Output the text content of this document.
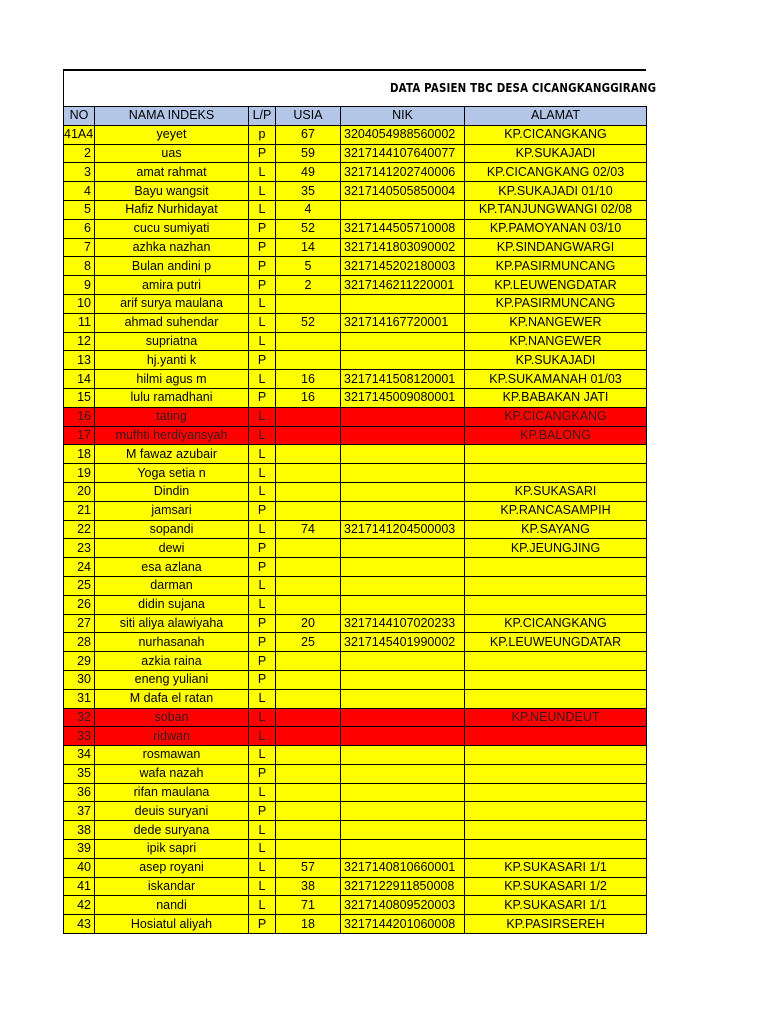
DATA PASIEN TBC DESA CICANGKANGGIRANG
NO	NAMA INDEKS	L/P	USIA	NIK	ALAMAT
41A4	yeyet	p	67	3204054988560002	KP.CICANGKANG
2	uas	P	59	3217144107640077	KP.SUKAJADI
3	amat rahmat	L	49	3217141202740006	KP.CICANGKANG 02/03
4	Bayu wangsit	L	35	3217140505850004	KP.SUKAJADI 01/10
5	Hafiz Nurhidayat	L	4		KP.TANJUNGWANGI 02/08
6	cucu sumiyati	P	52	3217144505710008	KP.PAMOYANAN 03/10
7	azhka nazhan	P	14	3217141803090002	KP.SINDANGWARGI
8	Bulan andini p	P	5	3217145202180003	KP.PASIRMUNCANG
9	amira putri	P	2	3217146211220001	KP.LEUWENGDATAR
10	arif surya maulana	L			KP.PASIRMUNCANG
11	ahmad suhendar	L	52	321714167720001	KP.NANGEWER
12	supriatna	L			KP.NANGEWER
13	hj.yanti k	P			KP.SUKAJADI
14	hilmi agus m	L	16	3217141508120001	KP.SUKAMANAH 01/03
15	lulu ramadhani	P	16	3217145009080001	KP.BABAKAN JATI
16	tating	L			KP.CICANGKANG
17	mufhti herdiyansyah	L			KP.BALONG
18	M fawaz azubair	L			
19	Yoga setia n	L			
20	Dindin	L			KP.SUKASARI
21	jamsari	P			KP.RANCASAMPIH
22	sopandi	L	74	3217141204500003	KP.SAYANG
23	dewi	P			KP.JEUNGJING
24	esa azlana	P			
25	darman	L			
26	didin sujana	L			
27	siti aliya alawiyaha	P	20	3217144107020233	KP.CICANGKANG
28	nurhasanah	P	25	3217145401990002	KP.LEUWEUNGDATAR
29	azkia raina	P			
30	eneng yuliani	P			
31	M dafa el ratan	L			
32	soban	L			KP.NEUNDEUT
33	ridwan	L			
34	rosmawan	L			
35	wafa nazah	P			
36	rifan maulana	L			
37	deuis suryani	P			
38	dede suryana	L			
39	ipik sapri	L			
40	asep royani	L	57	3217140810660001	KP.SUKASARI 1/1
41	iskandar	L	38	3217122911850008	KP.SUKASARI 1/2
42	nandi	L	71	3217140809520003	KP.SUKASARI 1/1
43	Hosiatul aliyah	P	18	3217144201060008	KP.PASIRSEREH
